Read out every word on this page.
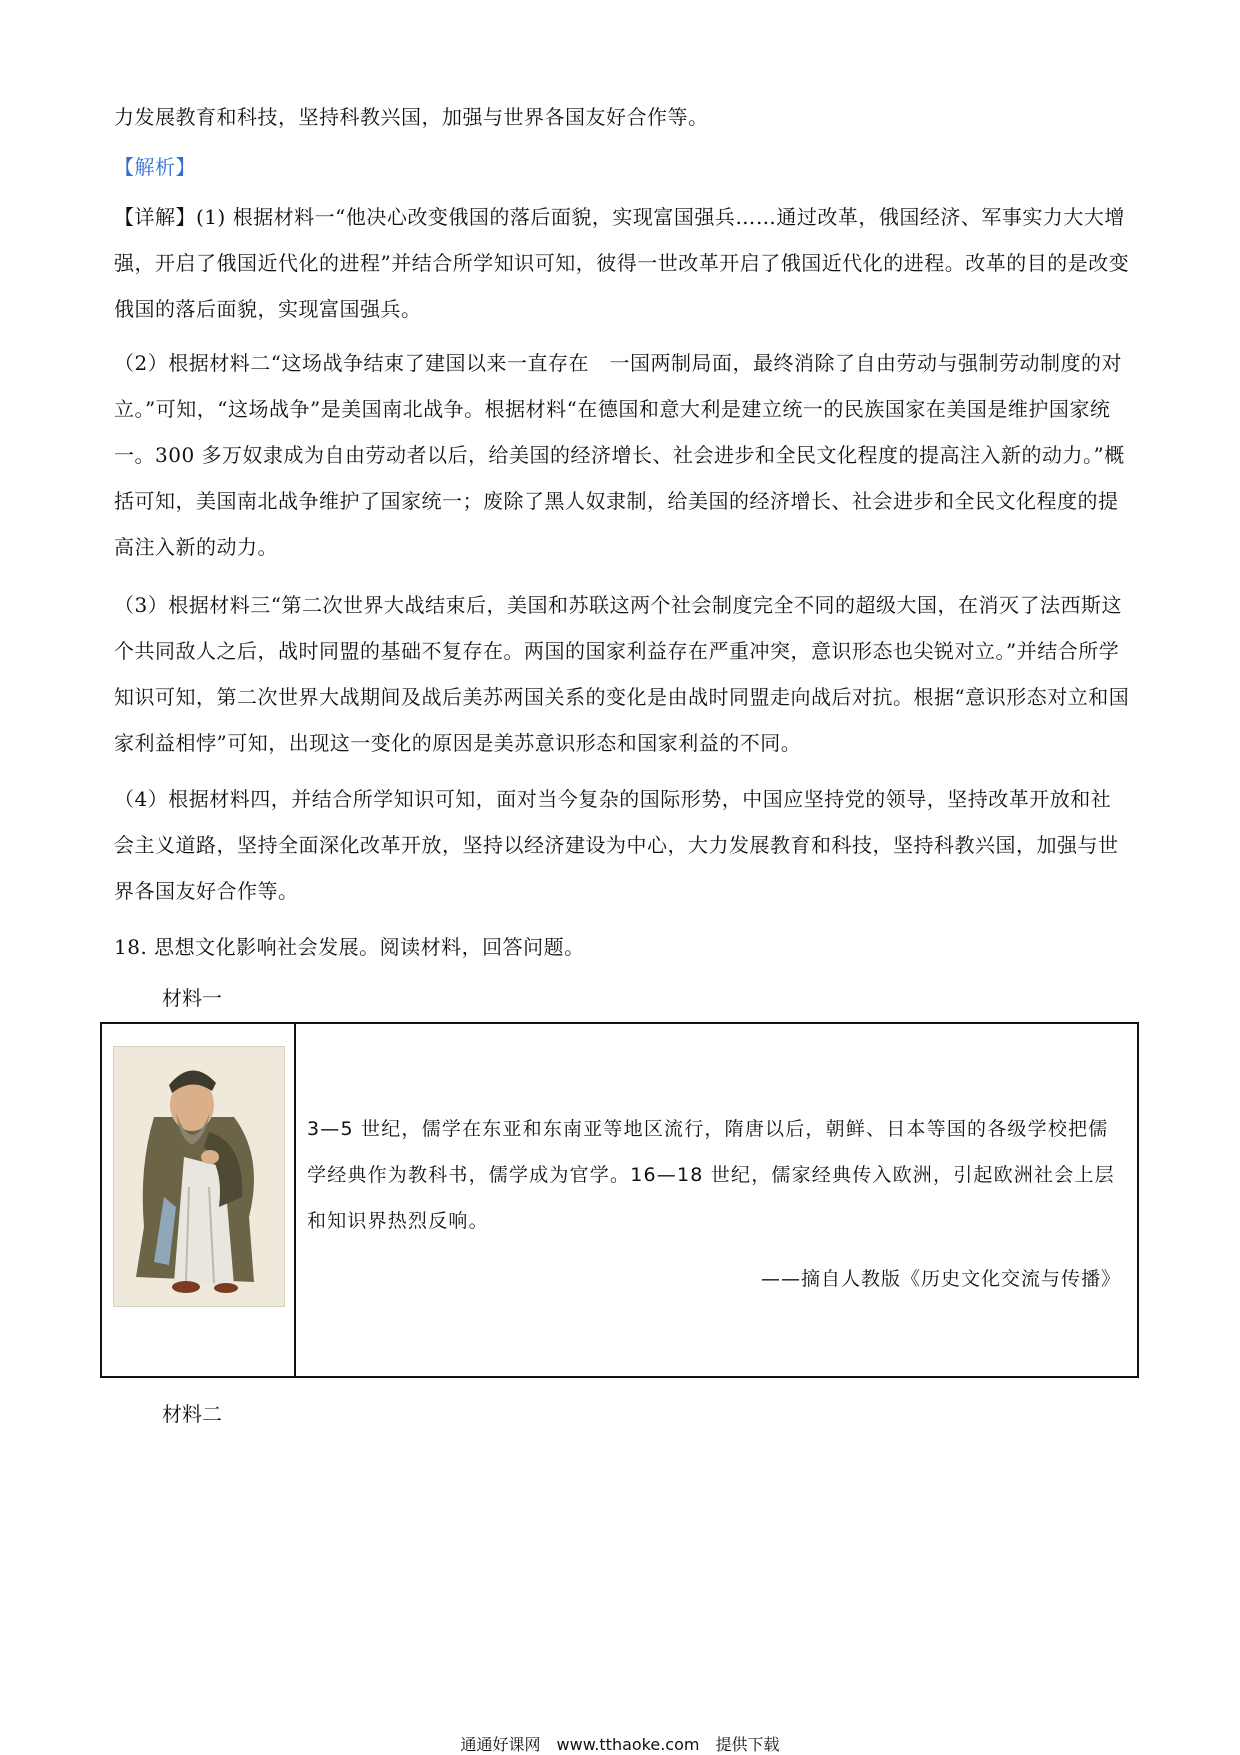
力发展教育和科技，坚持科教兴国，加强与世界各国友好合作等。

【解析】

【详解】(1) 根据材料一“他决心改变俄国的落后面貌，实现富国强兵……通过改革，俄国经济、军事实力大大增强，开启了俄国近代化的进程”并结合所学知识可知，彼得一世改革开启了俄国近代化的进程。改革的目的是改变俄国的落后面貌，实现富国强兵。

（2）根据材料二“这场战争结束了建国以来一直存在　一国两制局面，最终消除了自由劳动与强制劳动制度的对立。”可知，“这场战争”是美国南北战争。根据材料“在德国和意大利是建立统一的民族国家在美国是维护国家统一。300 多万奴隶成为自由劳动者以后，给美国的经济增长、社会进步和全民文化程度的提高注入新的动力。”概括可知，美国南北战争维护了国家统一；废除了黑人奴隶制，给美国的经济增长、社会进步和全民文化程度的提高注入新的动力。

（3）根据材料三“第二次世界大战结束后，美国和苏联这两个社会制度完全不同的超级大国，在消灭了法西斯这个共同敌人之后，战时同盟的基础不复存在。两国的国家利益存在严重冲突，意识形态也尖锐对立。”并结合所学知识可知，第二次世界大战期间及战后美苏两国关系的变化是由战时同盟走向战后对抗。根据“意识形态对立和国家利益相悖”可知，出现这一变化的原因是美苏意识形态和国家利益的不同。

（4）根据材料四，并结合所学知识可知，面对当今复杂的国际形势，中国应坚持党的领导，坚持改革开放和社会主义道路，坚持全面深化改革开放，坚持以经济建设为中心，大力发展教育和科技，坚持科教兴国，加强与世界各国友好合作等。

18. 思想文化影响社会发展。阅读材料，回答问题。

材料一
3—5 世纪，儒学在东亚和东南亚等地区流行，隋唐以后，朝鲜、日本等国的各级学校把儒学经典作为教科书，儒学成为官学。16—18 世纪，儒家经典传入欧洲，引起欧洲社会上层和知识界热烈反响。
——摘自人教版《历史文化交流与传播》
材料二
通通好课网　www.tthaoke.com　提供下载
